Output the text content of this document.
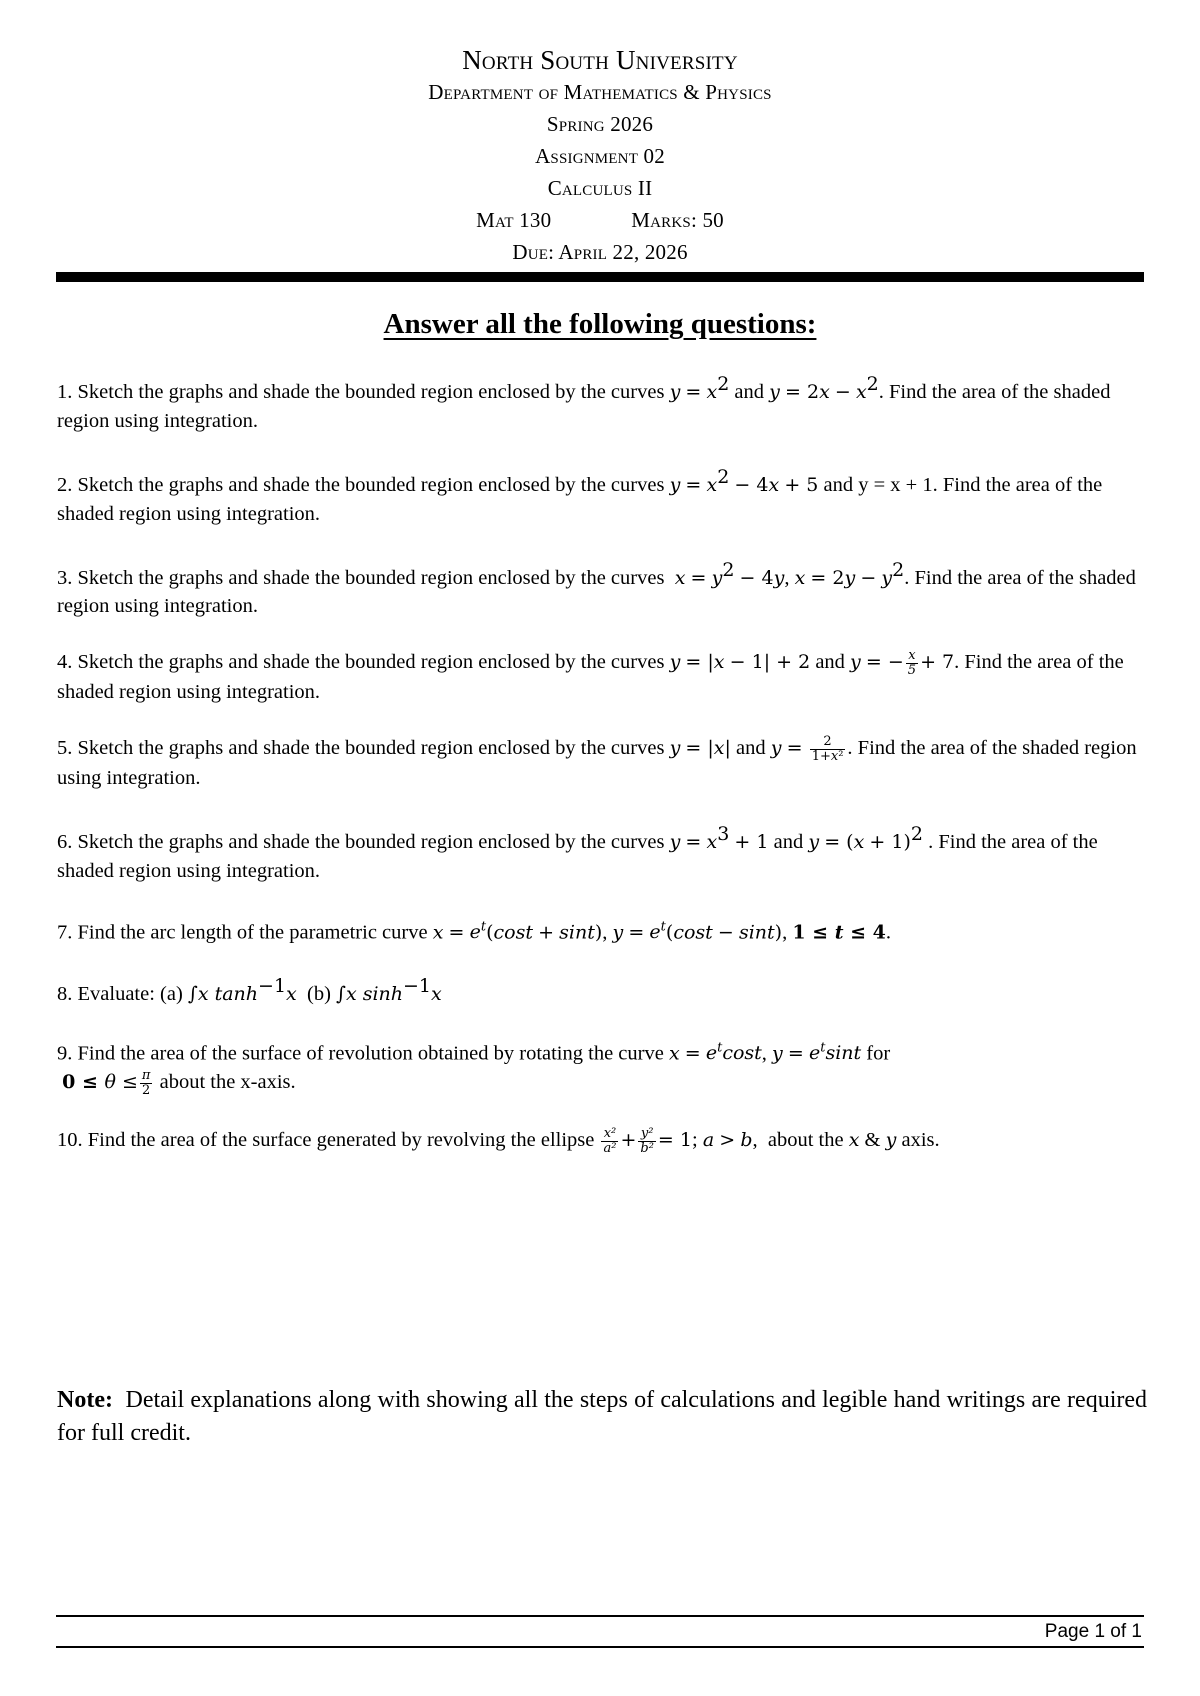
North South University
Department of Mathematics & Physics
Spring 2026
Assignment 02
Calculus II
Mat 130	Marks: 50
Due: April 22, 2026
Answer all the following questions:

1. Sketch the graphs and shade the bounded region enclosed by the curves $y = x^2$ and $y = 2x - x^2$. Find the area of the shaded region using integration.

2. Sketch the graphs and shade the bounded region enclosed by the curves $y = x^2 - 4x + 5$ and y = x + 1. Find the area of the shaded region using integration.

3. Sketch the graphs and shade the bounded region enclosed by the curves $x = y^2 - 4y$, $x = 2y - y^2$. Find the area of the shaded region using integration.

4. Sketch the graphs and shade the bounded region enclosed by the curves y = |x − 1| + 2 and y = − $\frac{x}{5} + 7$. Find the area of the shaded region using integration.

5. Sketch the graphs and shade the bounded region enclosed by the curves y = |x| and $y = \frac{2}{\text{1+x²}}$ . Find the area of the shaded region using integration.

6. Sketch the graphs and shade the bounded region enclosed by the curves $y = x^3 + 1$ and $y = (x + 1)^2$ . Find the area of the shaded region using integration.

7. Find the arc length of the parametric curve $x = e^t(\cos t + \sin t)$, $y = e^t(\cos t - \sin t)$, 1 ≤ t ≤ 4.

8. Evaluate: (a) ∫x $\tanh^{-1}x$ (b) ∫x $\sinh^{-1}x$

9. Find the area of the surface of revolution obtained by rotating the curve $x = e^t\cos t$, $y = e^t\sin t$ for
$0 \le \theta \le \frac{\pi}{2}$ about the x-axis.

10. Find the area of the surface generated by revolving the ellipse $\frac{\text{x²}}{\text{a²}} + \frac{\text{y²}}{\text{b²}} = 1$; a > b,  about the x & y axis.

Note: Detail explanations along with showing all the steps of calculations and legible hand writings are required for full credit.
Page 1 of 1
